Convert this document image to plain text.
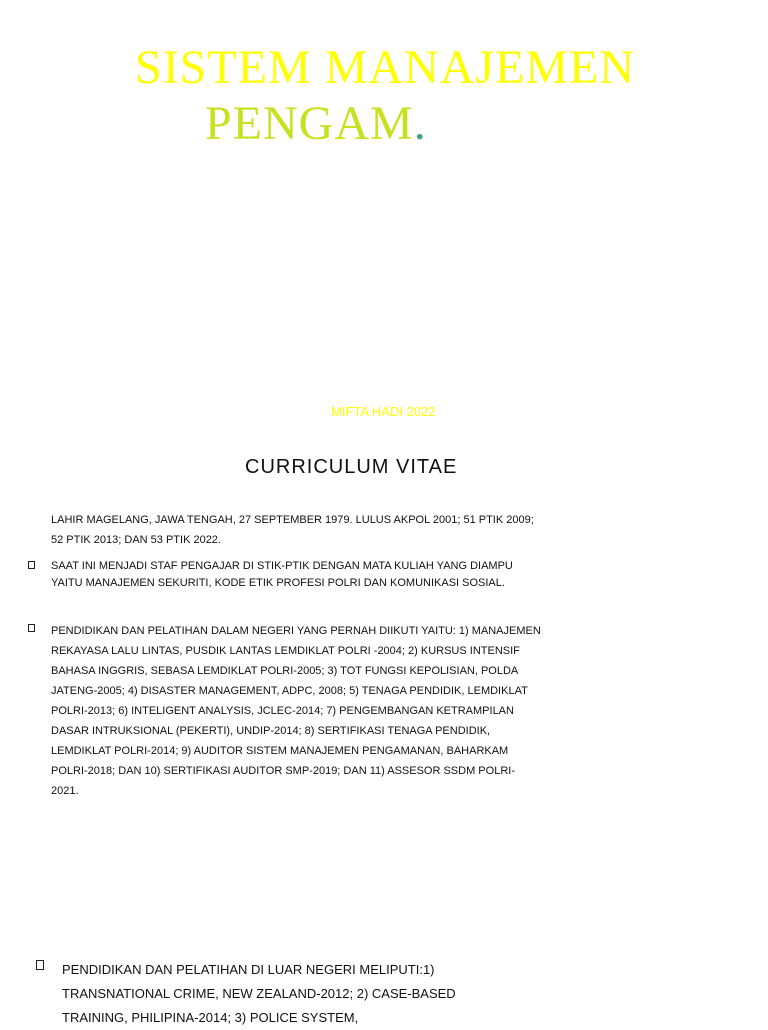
SISTEM MANAJEMEN
PENGAM.
MIFTA HADI 2022
CURRICULUM VITAE

LAHIR MAGELANG, JAWA TENGAH, 27 SEPTEMBER 1979. LULUS AKPOL 2001; 51 PTIK 2009; 52 PTIK 2013; DAN 53 PTIK 2022.

SAAT INI MENJADI STAF PENGAJAR DI STIK-PTIK DENGAN MATA KULIAH YANG DIAMPU YAITU MANAJEMEN SEKURITI, KODE ETIK PROFESI POLRI DAN KOMUNIKASI SOSIAL.

PENDIDIKAN DAN PELATIHAN DALAM NEGERI YANG PERNAH DIIKUTI YAITU: 1) MANAJEMEN REKAYASA LALU LINTAS, PUSDIK LANTAS LEMDIKLAT POLRI -2004; 2) KURSUS INTENSIF BAHASA INGGRIS, SEBASA LEMDIKLAT POLRI-2005; 3) TOT FUNGSI KEPOLISIAN, POLDA JATENG-2005; 4) DISASTER MANAGEMENT, ADPC, 2008; 5) TENAGA PENDIDIK, LEMDIKLAT POLRI-2013; 6) INTELIGENT ANALYSIS, JCLEC-2014; 7) PENGEMBANGAN KETRAMPILAN DASAR INTRUKSIONAL (PEKERTI), UNDIP-2014; 8) SERTIFIKASI TENAGA PENDIDIK, LEMDIKLAT POLRI-2014; 9) AUDITOR SISTEM MANAJEMEN PENGAMANAN, BAHARKAM POLRI-2018; DAN 10) SERTIFIKASI AUDITOR SMP-2019; DAN 11) ASSESOR SSDM POLRI-2021.

PENDIDIKAN DAN PELATIHAN DI LUAR NEGERI MELIPUTI:1) TRANSNATIONAL CRIME, NEW ZEALAND-2012; 2) CASE-BASED TRAINING, PHILIPINA-2014; 3) POLICE SYSTEM,
